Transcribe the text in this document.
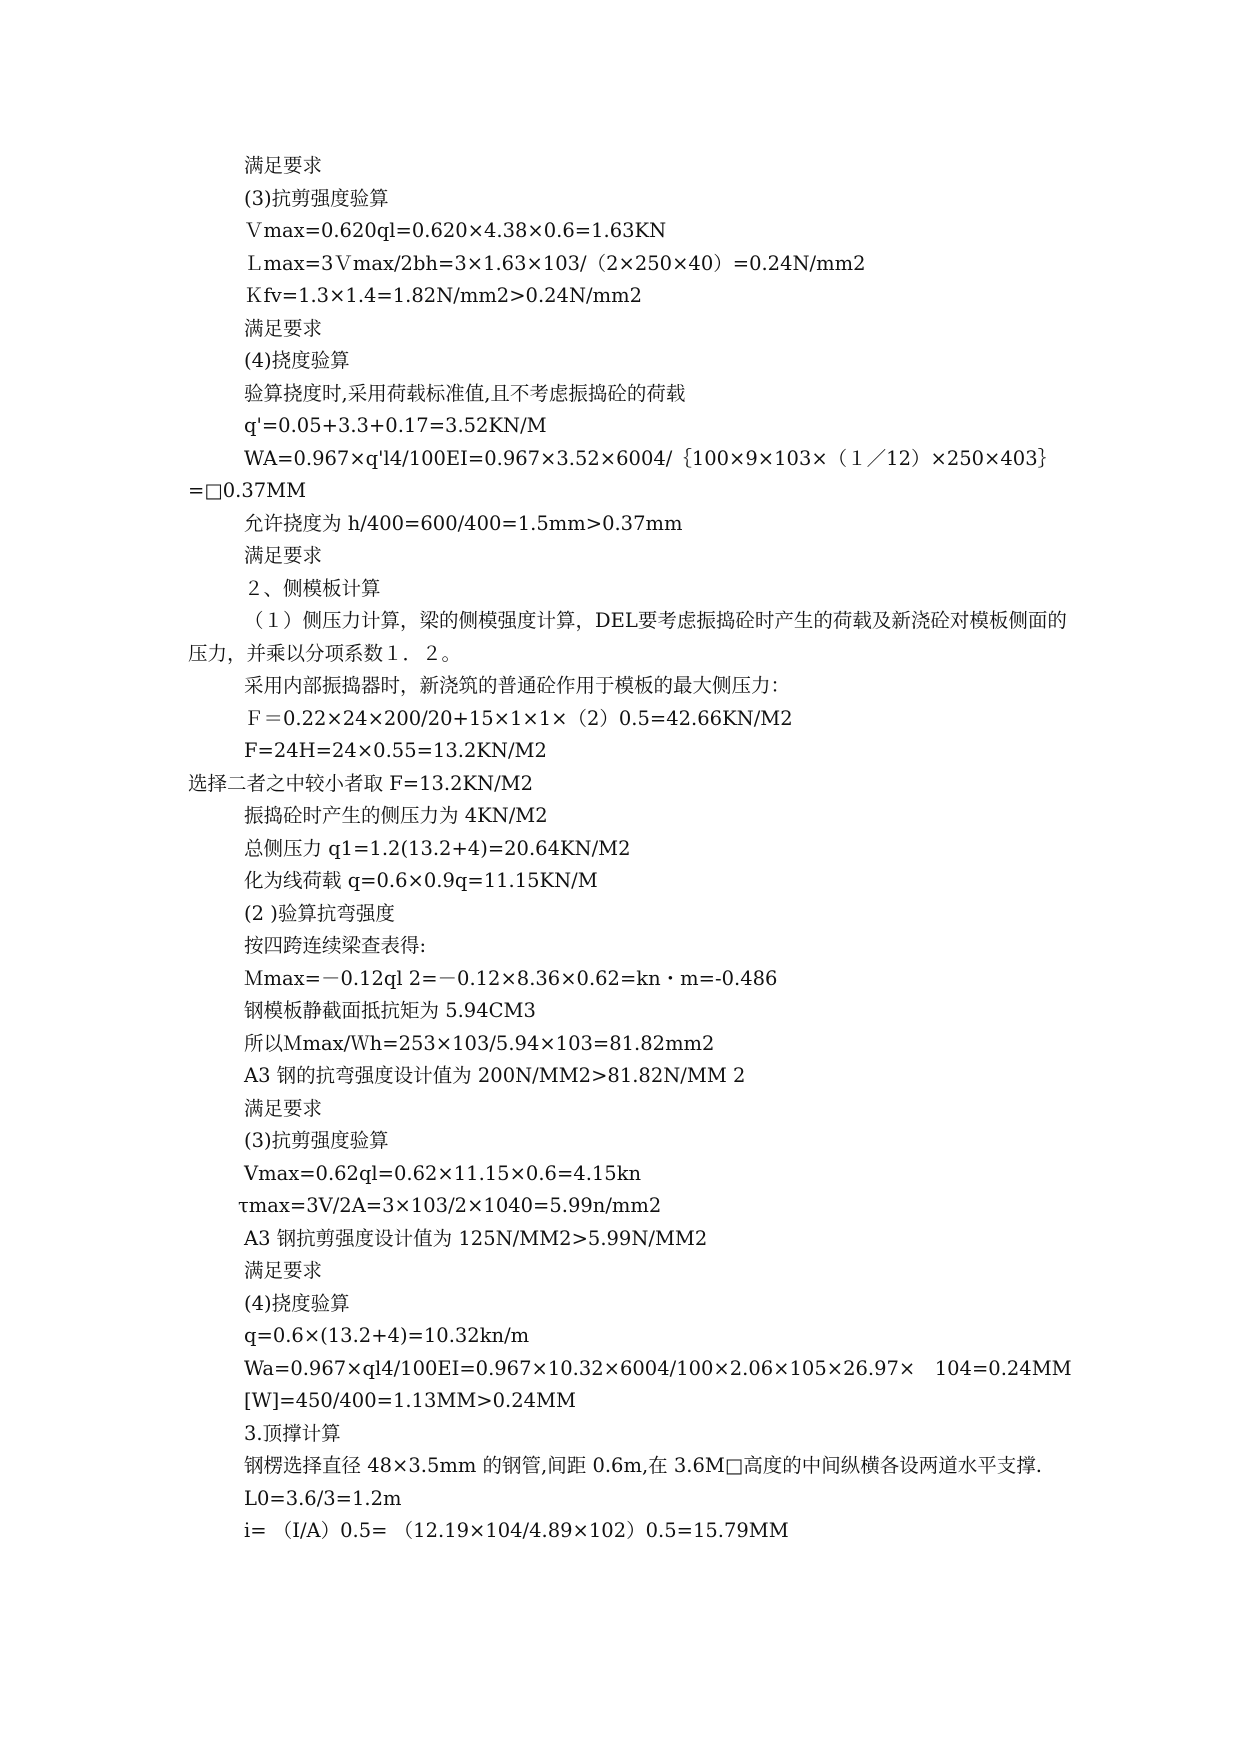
满足要求

(3)抗剪强度验算

Ｖmax=0.620ql=0.620×4.38×0.6=1.63KN

Ｌmax=3Ｖmax/2bh=3×1.63×103/（2×250×40）=0.24N/mm2

Ｋfv=1.3×1.4=1.82N/mm2>0.24N/mm2

满足要求

(4)挠度验算

验算挠度时,采用荷载标准值,且不考虑振捣砼的荷载

q'=0.05+3.3+0.17=3.52KN/M

WA=0.967×q'l4/100EI=0.967×3.52×6004/｛100×9×103×（１／12）×250×403｝=□0.37MM

允许挠度为 h/400=600/400=1.5mm>0.37mm

满足要求

２、侧模板计算

（１）侧压力计算，梁的侧模强度计算，DEL要考虑振捣砼时产生的荷载及新浇砼对模板侧面的压力，并乘以分项系数１．２。

采用内部振捣器时，新浇筑的普通砼作用于模板的最大侧压力：

Ｆ＝0.22×24×200/20+15×1×1×（2）0.5=42.66KN/M2

F=24H=24×0.55=13.2KN/M2

选择二者之中较小者取 F=13.2KN/M2

振捣砼时产生的侧压力为 4KN/M2

总侧压力 q1=1.2(13.2+4)=20.64KN/M2

化为线荷载 q=0.6×0.9q=11.15KN/M

(2 )验算抗弯强度

按四跨连续梁查表得:

Ｍmax=－0.12ql 2=－0.12×8.36×0.62=kn・m=-0.486

钢模板静截面抵抗矩为 5.94CM3

所以Ｍmax/Ｗh=253×103/5.94×103=81.82mm2

A3 钢的抗弯强度设计值为 200N/MM2>81.82N/MM 2

满足要求

(3)抗剪强度验算

Vmax=0.62ql=0.62×11.15×0.6=4.15kn

τmax=3V/2A=3×103/2×1040=5.99n/mm2

A3 钢抗剪强度设计值为 125N/MM2>5.99N/MM2

满足要求

(4)挠度验算

q=0.6×(13.2+4)=10.32kn/m

Wa=0.967×ql4/100EI=0.967×10.32×6004/100×2.06×105×26.97×　104=0.24MM

[W]=450/400=1.13MM>0.24MM

3.顶撑计算

钢楞选择直径 48×3.5mm 的钢管,间距 0.6m,在 3.6M□高度的中间纵横各设两道水平支撑.

L0=3.6/3=1.2m

i= （I/A）0.5= （12.19×104/4.89×102）0.5=15.79MM
